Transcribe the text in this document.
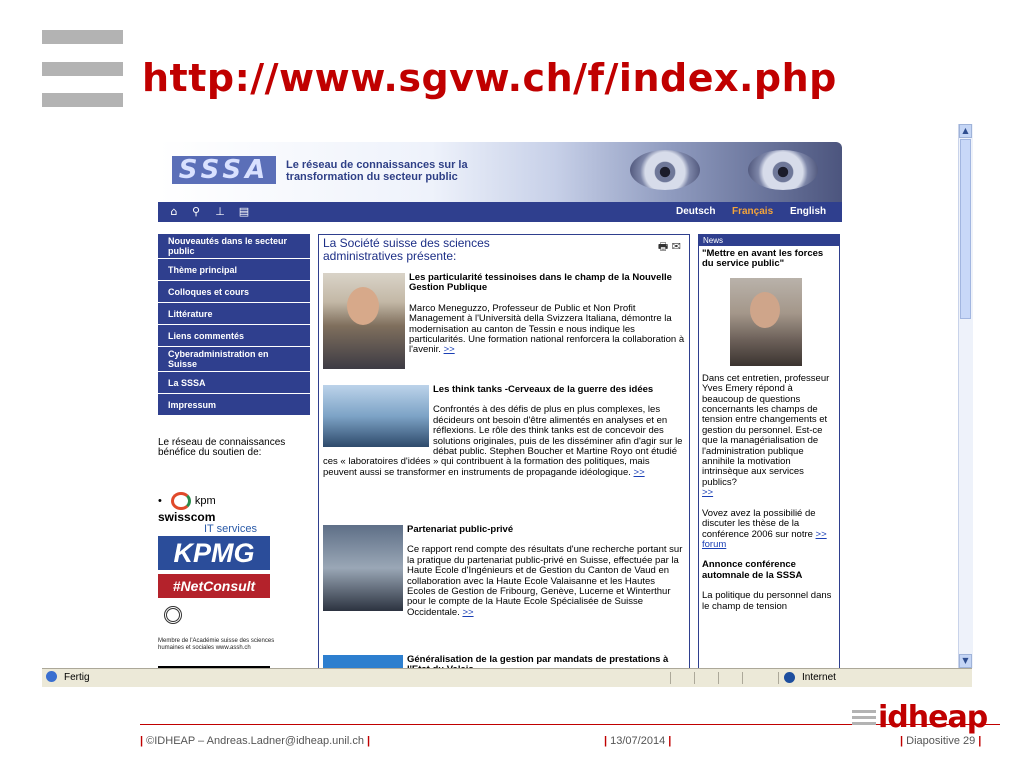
http://www.sgvw.ch/f/index.php
SSSA	Le réseau de connaissances sur la
transformation du secteur public
⌂ ⚲ ⊥ ▤	Deutsch Français English
Nouveautés dans le secteur public
Thème principal
Colloques et cours
Littérature
Liens commentés
Cyberadministration en Suisse
La SSSA
Impressum
Le réseau de connaissances bénéfice du soutien de:
•	kpm
swisscom
IT services
KPMG
#NetConsult
Membre de l'Académie suisse des sciences humaines et sociales www.assh.ch
La Société suisse des sciences
administratives présente:
🖶 ✉
Les particularité tessinoises dans le champ de la Nouvelle Gestion Publique
Marco Meneguzzo, Professeur de Public et Non Profit Management à l'Università della Svizzera Italiana, démontre la modernisation au canton de Tessin e nous indique les particularités. Une formation national renforcera la collaboration à l'avenir. >>
Les think tanks -Cerveaux de la guerre des idées
Confrontés à des défis de plus en plus complexes, les décideurs ont besoin d'être alimentés en analyses et en réflexions. Le rôle des think tanks est de concevoir des solutions originales, puis de les disséminer afin d'agir sur le débat public. Stephen Boucher et Martine Royo ont étudié ces « laboratoires d'idées » qui contribuent à la formation des politiques, mais peuvent aussi se transformer en instruments de propagande idéologique. >>
Partenariat public-privé
Ce rapport rend compte des résultats d'une recherche portant sur la pratique du partenariat public-privé en Suisse, effectuée par la Haute Ecole d'Ingénieurs et de Gestion du Canton de Vaud en collaboration avec la Haute Ecole Valaisanne et les Hautes Ecoles de Gestion de Fribourg, Genève, Lucerne et Winterthur pour le compte de la Haute Ecole Spécialisée de Suisse Occidentale. >>
Généralisation de la gestion par mandats de prestations à
News
"Mettre en avant les forces du service public"
Dans cet entretien, professeur Yves Emery répond à beaucoup de questions concernants les champs de tension entre changements et gestion du personnel. Est-ce que la managérialisation de l'administration publique annihile la motivation intrinsèque aux services publics?
>>
Vovez avez la possibilié de discuter les thèse de la conférence 2006 sur notre >> forum
Annonce conférence automnale de la SSSA
La politique du personnel dans le champ de tension
▲
▼
Fertig	Internet
idheap
| ©IDHEAP – Andreas.Ladner@idheap.unil.ch |	| 13/07/2014 |	| Diapositive 29 |
